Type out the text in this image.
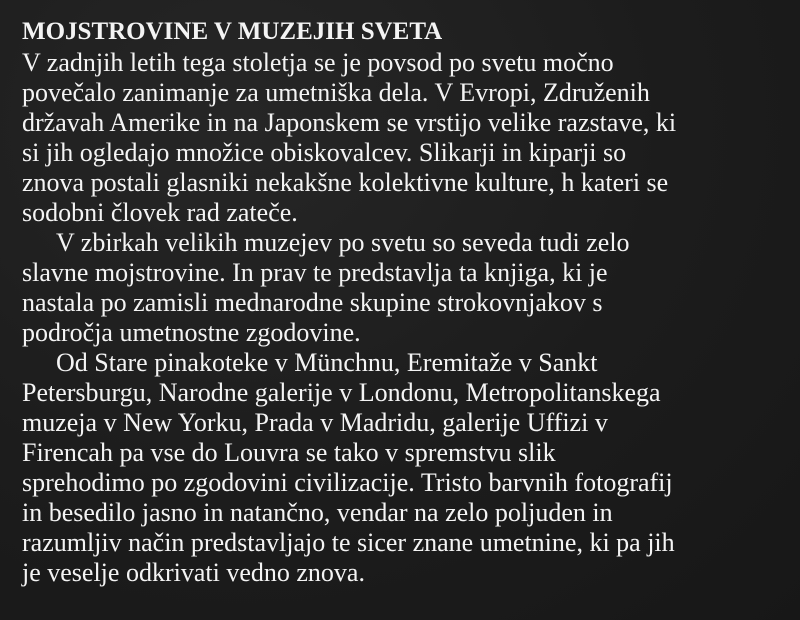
MOJSTROVINE V MUZEJIH SVETA
V zadnjih letih tega stoletja se je povsod po svetu močno
povečalo zanimanje za umetniška dela. V Evropi, Združenih
državah Amerike in na Japonskem se vrstijo velike razstave, ki
si jih ogledajo množice obiskovalcev. Slikarji in kiparji so
znova postali glasniki nekakšne kolektivne kulture, h kateri se
sodobni človek rad zateče.
V zbirkah velikih muzejev po svetu so seveda tudi zelo
slavne mojstrovine. In prav te predstavlja ta knjiga, ki je
nastala po zamisli mednarodne skupine strokovnjakov s
področja umetnostne zgodovine.
Od Stare pinakoteke v Münchnu, Eremitaže v Sankt
Petersburgu, Narodne galerije v Londonu, Metropolitanskega
muzeja v New Yorku, Prada v Madridu, galerije Uffizi v
Firencah pa vse do Louvra se tako v spremstvu slik
sprehodimo po zgodovini civilizacije. Tristo barvnih fotografij
in besedilo jasno in natančno, vendar na zelo poljuden in
razumljiv način predstavljajo te sicer znane umetnine, ki pa jih
je veselje odkrivati vedno znova.
